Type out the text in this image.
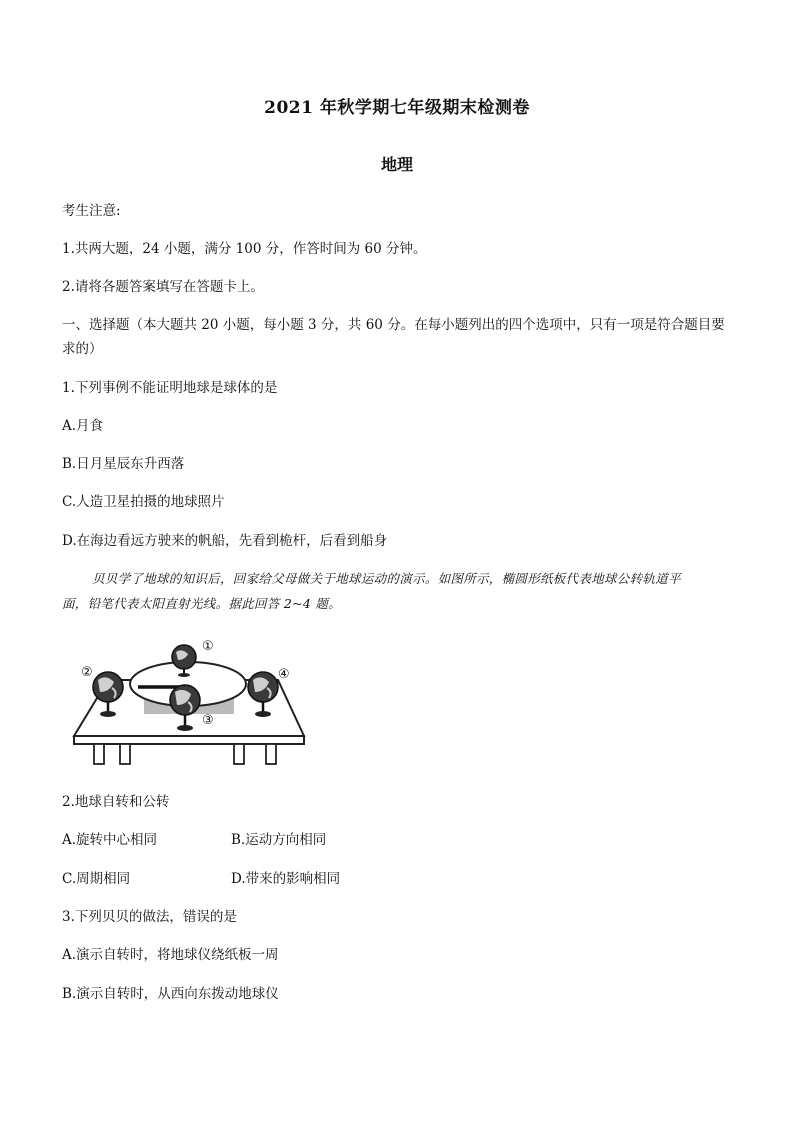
2021 年秋学期七年级期末检测卷
地理
考生注意:
1.共两大题，24 小题，满分 100 分，作答时间为 60 分钟。
2.请将各题答案填写在答题卡上。
一、选择题（本大题共 20 小题，每小题 3 分，共 60 分。在每小题列出的四个选项中，只有一项是符合题目要
求的）
1.下列事例不能证明地球是球体的是
A.月食
B.日月星辰东升西落
C.人造卫星拍摄的地球照片
D.在海边看远方驶来的帆船，先看到桅杆，后看到船身
贝贝学了地球的知识后，回家给父母做关于地球运动的演示。如图所示，椭圆形纸板代表地球公转轨道平
面，铅笔代表太阳直射光线。据此回答 2~4 题。
①
②
③
④
2.地球自转和公转
A.旋转中心相同	B.运动方向相同
C.周期相同	D.带来的影响相同
3.下列贝贝的做法，错误的是
A.演示自转时，将地球仪绕纸板一周
B.演示自转时，从西向东拨动地球仪
